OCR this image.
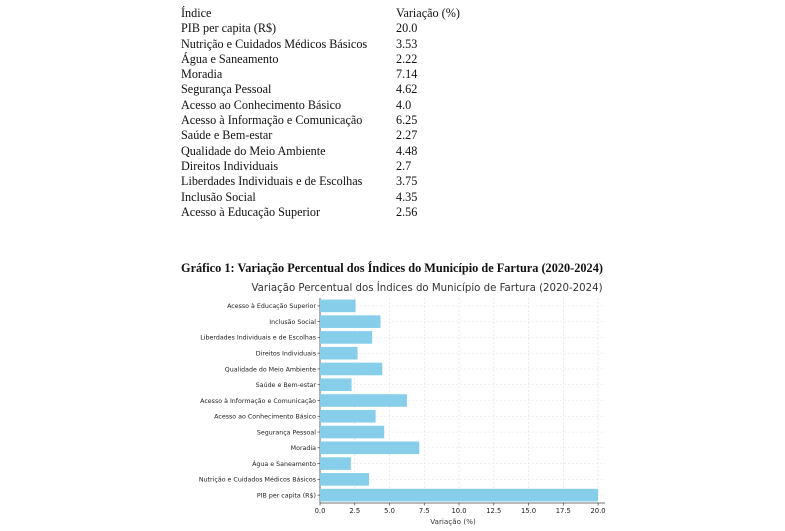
Índice	Variação (%)
PIB per capita (R$)	20.0
Nutrição e Cuidados Médicos Básicos 3.53
Água e Saneamento	2.22
Moradia	7.14
Segurança Pessoal	4.62
Acesso ao Conhecimento Básico	4.0
Acesso à Informação e Comunicação	6.25
Saúde e Bem-estar	2.27
Qualidade do Meio Ambiente	4.48
Direitos Individuais	2.7
Liberdades Individuais e de Escolhas	3.75
Inclusão Social	4.35
Acesso à Educação Superior	2.56
Gráfico 1: Variação Percentual dos Índices do Município de Fartura (2020-2024)
Variação Percentual dos Índices do Município de Fartura (2020-2024)
PIB per capita (R$)
Nutrição e Cuidados Médicos Básicos
Água e Saneamento
Moradia
Segurança Pessoal
Acesso ao Conhecimento Básico
Acesso à Informação e Comunicação
Saúde e Bem-estar
Qualidade do Meio Ambiente
Direitos Individuais
Liberdades Individuais e de Escolhas
Inclusão Social
Acesso à Educação Superior
0.0	2.5	5.0	7.5	10.0	12.5	15.0	17.5	20.0
Variação (%)
